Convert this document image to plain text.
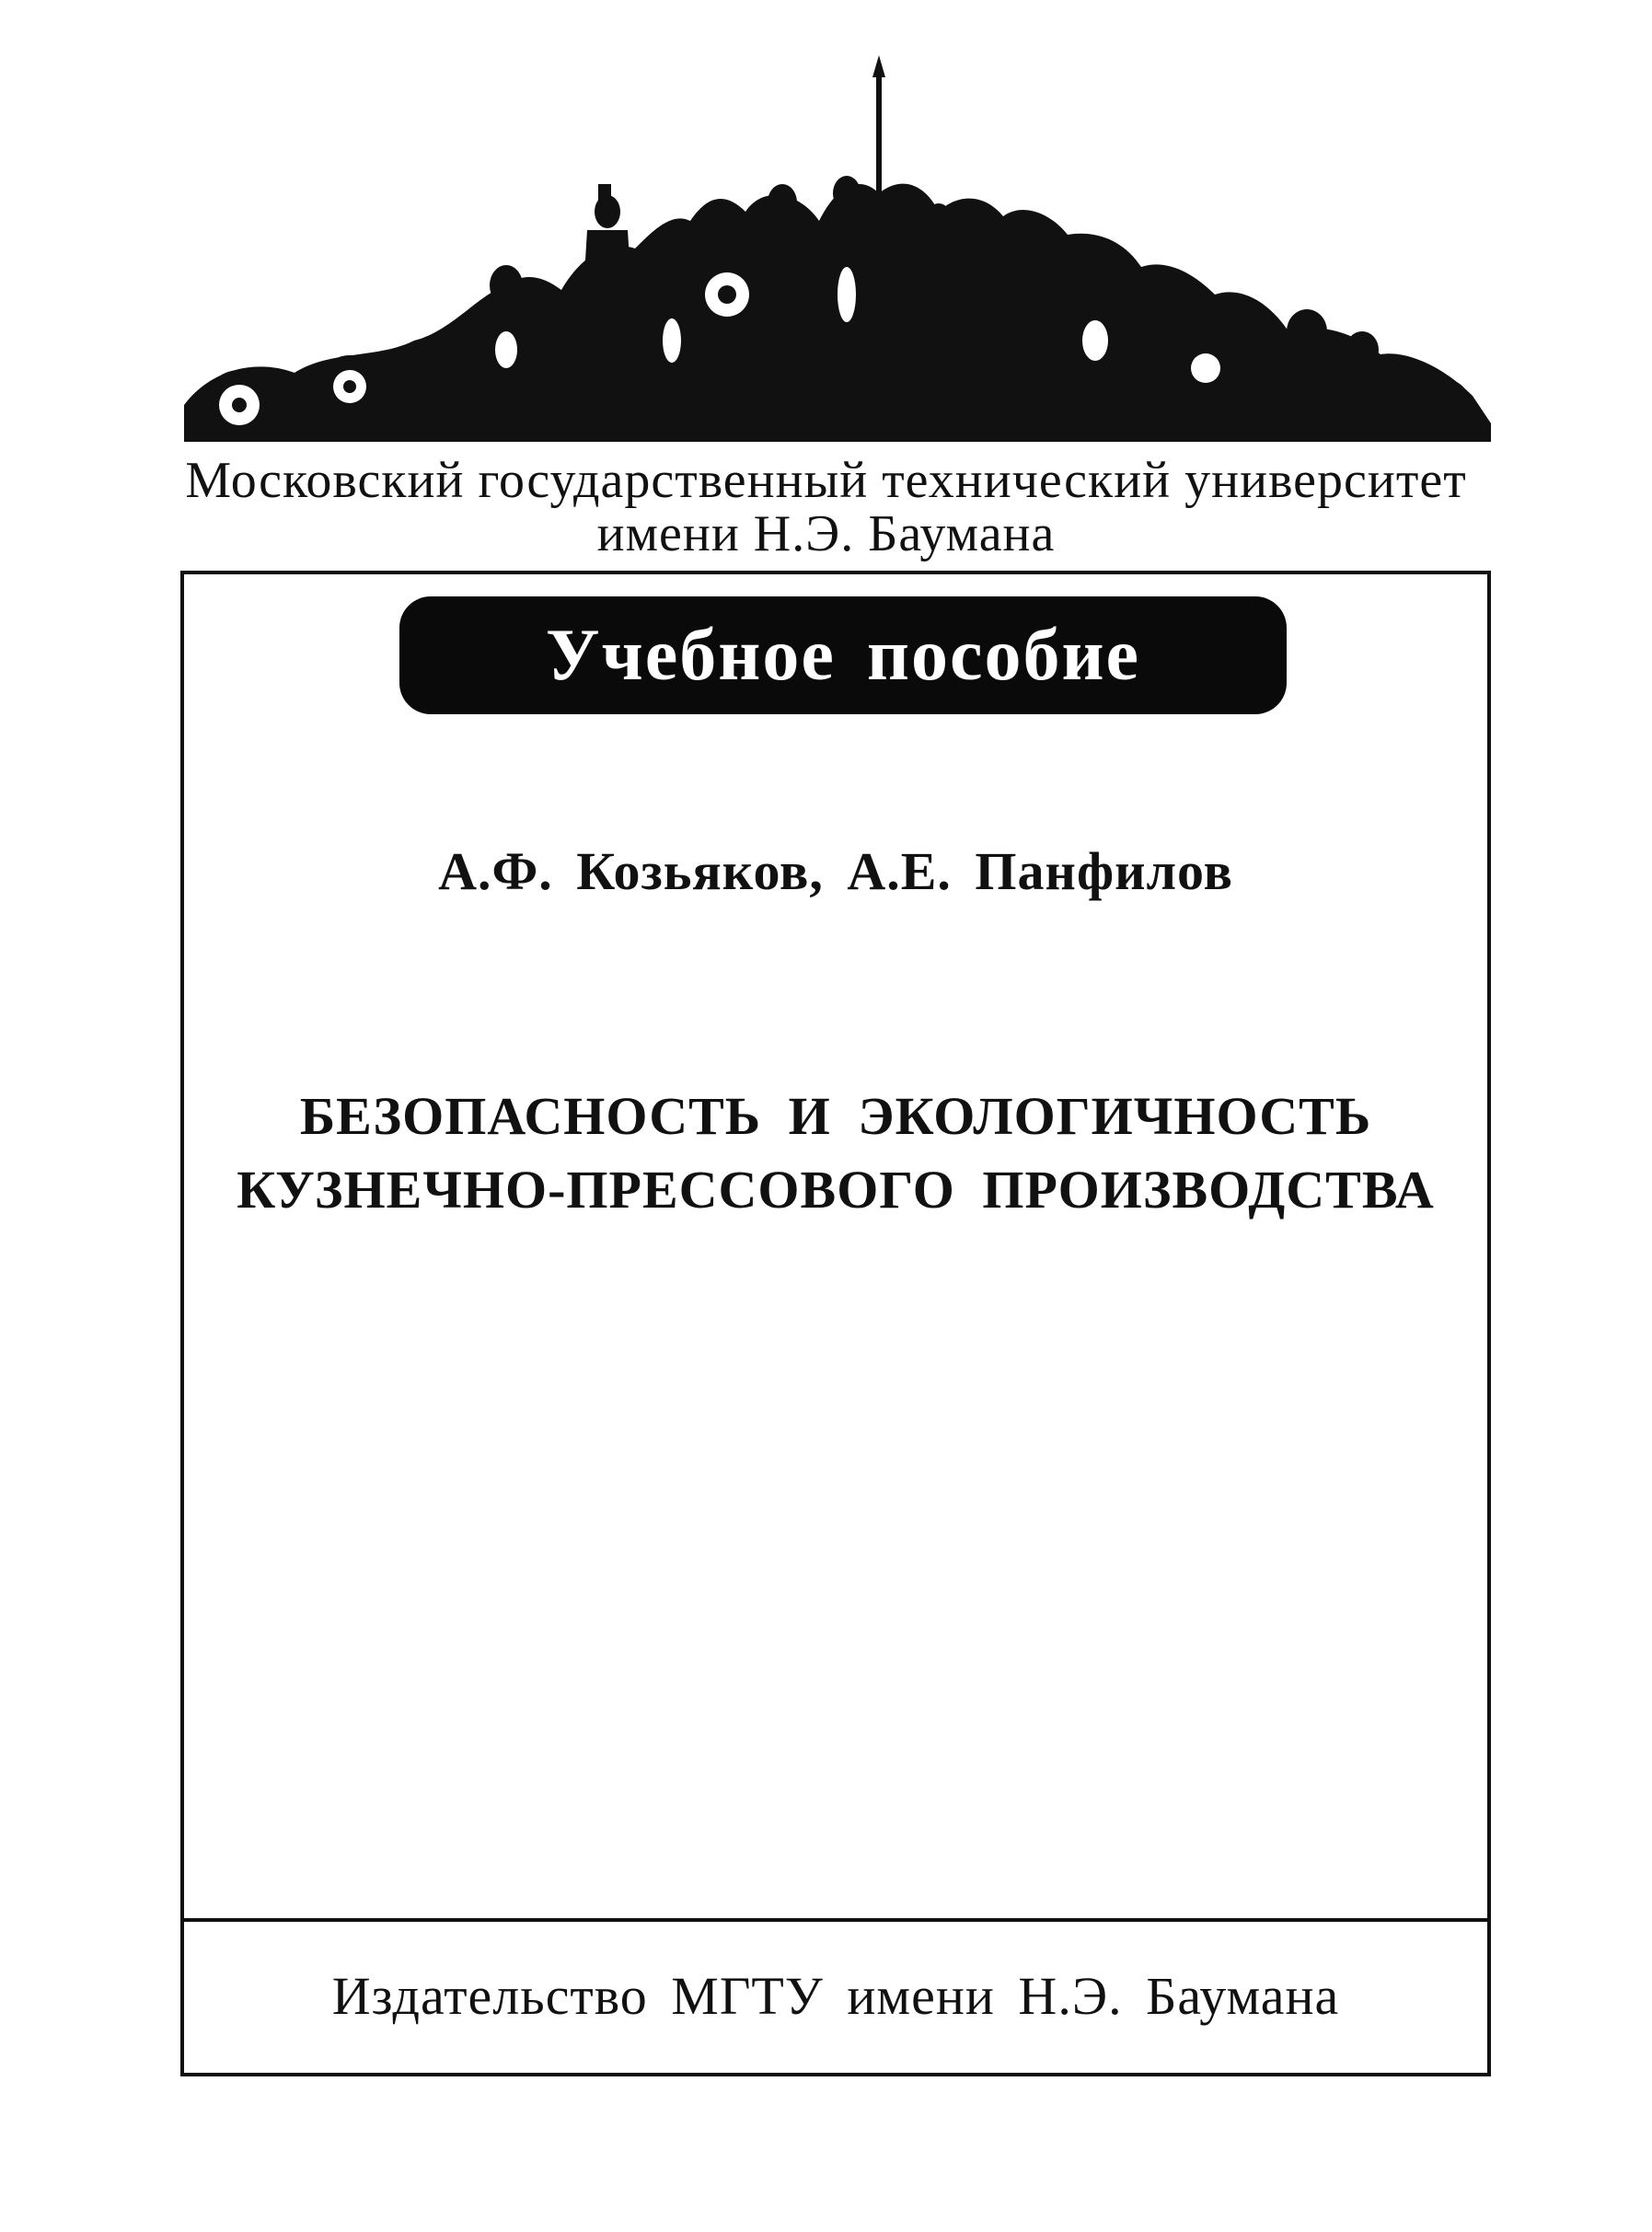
Московский государственный технический университет
имени Н.Э. Баумана
Учебное пособие
А.Ф. Козьяков, А.Е. Панфилов
БЕЗОПАСНОСТЬ И ЭКОЛОГИЧНОСТЬ
КУЗНЕЧНО-ПРЕССОВОГО ПРОИЗВОДСТВА
Издательство МГТУ имени Н.Э. Баумана
